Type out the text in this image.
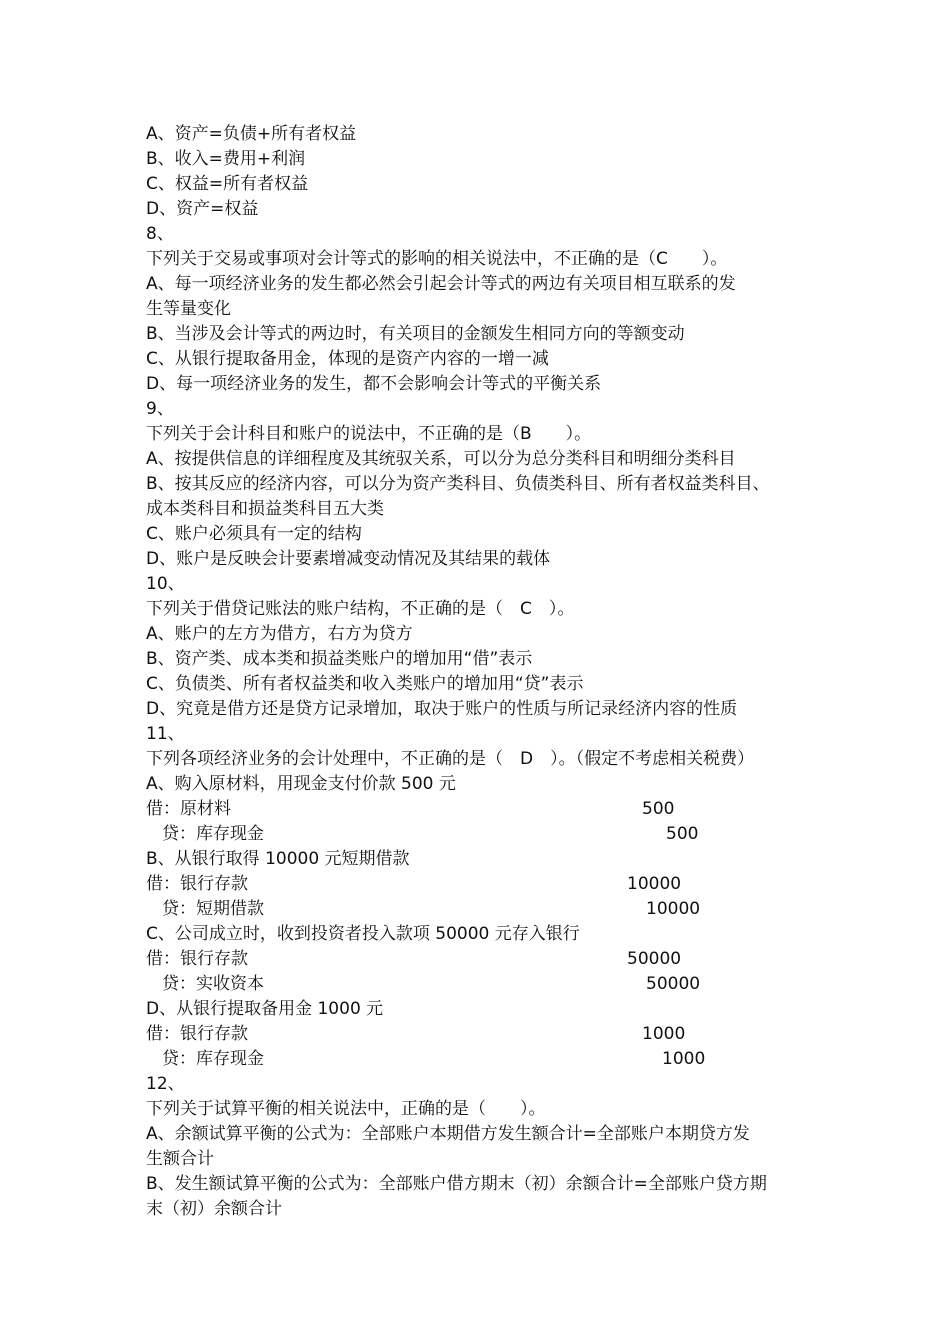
A、资产=负债+所有者权益
B、收入=费用+利润
C、权益=所有者权益
D、资产=权益
8、
下列关于交易或事项对会计等式的影响的相关说法中，不正确的是（C　　）。
A、每一项经济业务的发生都必然会引起会计等式的两边有关项目相互联系的发
生等量变化
B、当涉及会计等式的两边时，有关项目的金额发生相同方向的等额变动
C、从银行提取备用金，体现的是资产内容的一增一减
D、每一项经济业务的发生，都不会影响会计等式的平衡关系
9、
下列关于会计科目和账户的说法中，不正确的是（B　　）。
A、按提供信息的详细程度及其统驭关系，可以分为总分类科目和明细分类科目
B、按其反应的经济内容，可以分为资产类科目、负债类科目、所有者权益类科目、
成本类科目和损益类科目五大类
C、账户必须具有一定的结构
D、账户是反映会计要素增减变动情况及其结果的载体
10、
下列关于借贷记账法的账户结构，不正确的是（　C　）。
A、账户的左方为借方，右方为贷方
B、资产类、成本类和损益类账户的增加用“借”表示
C、负债类、所有者权益类和收入类账户的增加用“贷”表示
D、究竟是借方还是贷方记录增加，取决于账户的性质与所记录经济内容的性质
11、
下列各项经济业务的会计处理中，不正确的是（　D　）。（假定不考虑相关税费）
A、购入原材料，用现金支付价款 500 元
借：原材料	500
贷：库存现金	500
B、从银行取得 10000 元短期借款
借：银行存款	10000
贷：短期借款	10000
C、公司成立时，收到投资者投入款项 50000 元存入银行
借：银行存款	50000
贷：实收资本	50000
D、从银行提取备用金 1000 元
借：银行存款	1000
贷：库存现金	1000
12、
下列关于试算平衡的相关说法中，正确的是（　　）。
A、余额试算平衡的公式为：全部账户本期借方发生额合计=全部账户本期贷方发
生额合计
B、发生额试算平衡的公式为：全部账户借方期末（初）余额合计=全部账户贷方期
末（初）余额合计
